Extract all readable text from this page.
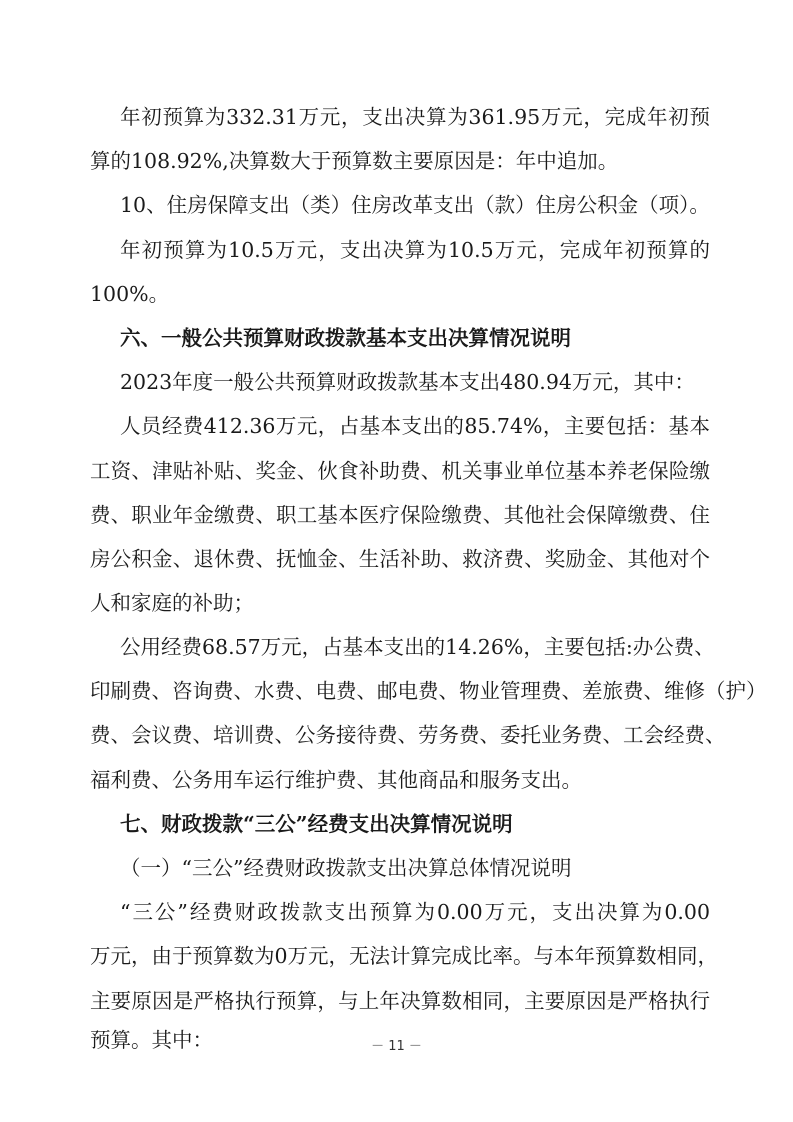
年初预算为332.31万元，支出决算为361.95万元，完成年初预
算的108.92%,决算数大于预算数主要原因是：年中追加。
10、住房保障支出（类）住房改革支出（款）住房公积金（项）。
年初预算为10.5万元，支出决算为10.5万元，完成年初预算的
100%。
六、一般公共预算财政拨款基本支出决算情况说明
2023年度一般公共预算财政拨款基本支出480.94万元，其中：
人员经费412.36万元，占基本支出的85.74%，主要包括：基本
工资、津贴补贴、奖金、伙食补助费、机关事业单位基本养老保险缴
费、职业年金缴费、职工基本医疗保险缴费、其他社会保障缴费、住
房公积金、退休费、抚恤金、生活补助、救济费、奖励金、其他对个
人和家庭的补助；
公用经费68.57万元，占基本支出的14.26%，主要包括:办公费、
印刷费、咨询费、水费、电费、邮电费、物业管理费、差旅费、维修（护）
费、会议费、培训费、公务接待费、劳务费、委托业务费、工会经费、
福利费、公务用车运行维护费、其他商品和服务支出。
七、财政拨款“三公”经费支出决算情况说明
（一）“三公”经费财政拨款支出决算总体情况说明
“三公”经费财政拨款支出预算为0.00万元，支出决算为0.00
万元，由于预算数为0万元，无法计算完成比率。与本年预算数相同，
主要原因是严格执行预算，与上年决算数相同，主要原因是严格执行
预算。其中：	－ 11 －
